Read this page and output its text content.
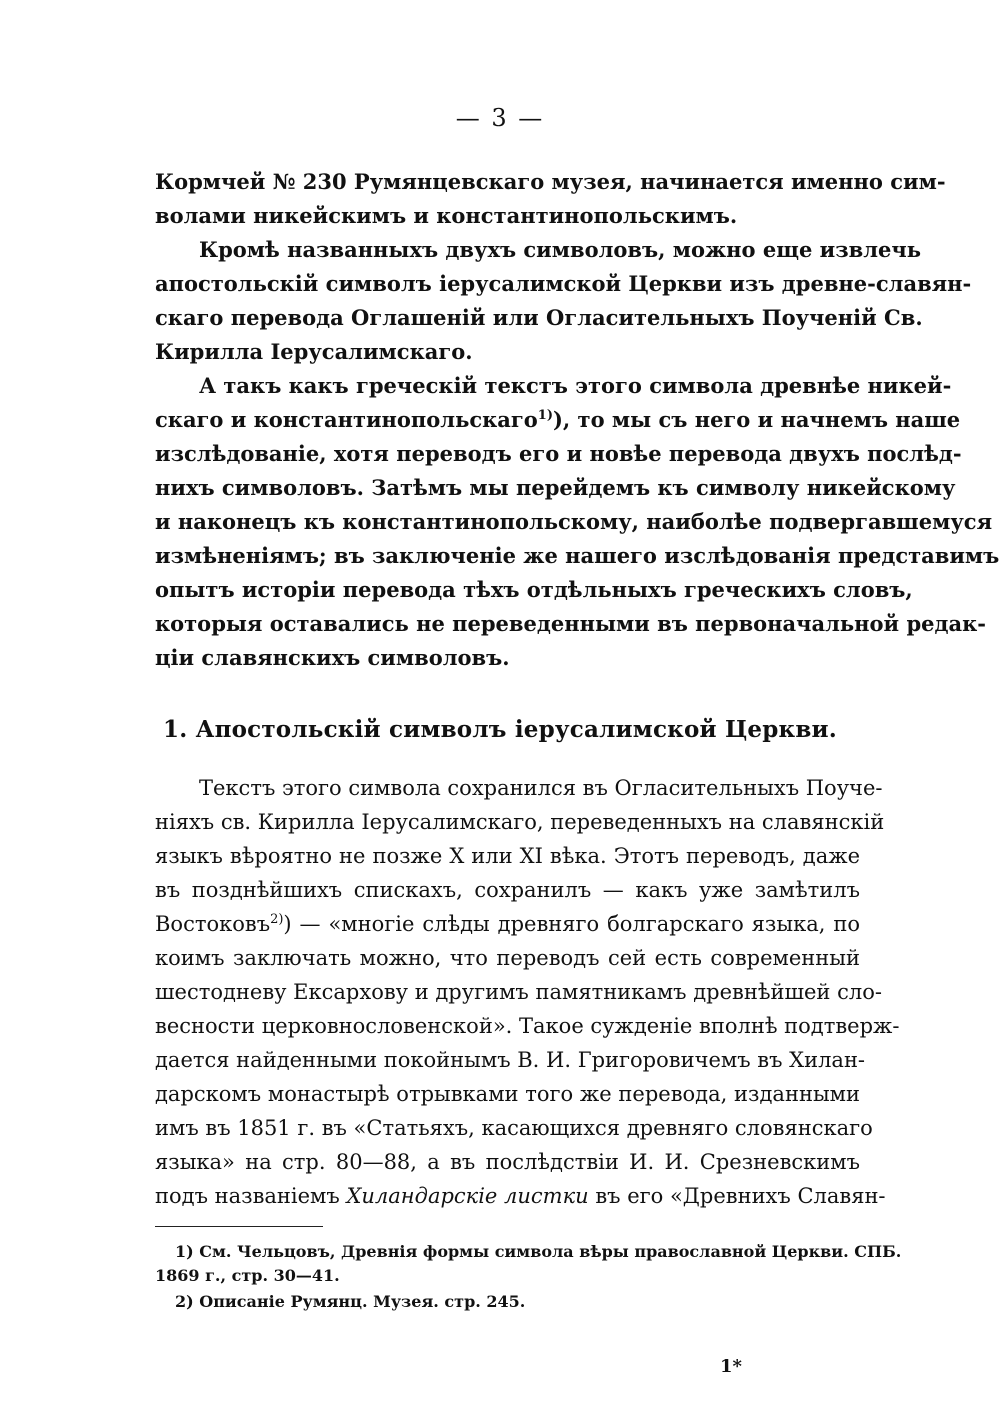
— 3 —
Кормчей № 230 Румянцевскаго музея, начинается именно сим-
волами никейскимъ и константинопольскимъ.
Кромѣ названныхъ двухъ символовъ, можно еще извлечь
апостольскій символъ іерусалимской Церкви изъ древне-славян-
скаго перевода Оглашеній или Огласительныхъ Поученій Св.
Кирилла Іерусалимскаго.
А такъ какъ греческій текстъ этого символа древнѣе никей-
скаго и константинопольскаго$^{1)}$), то мы съ него и начнемъ наше
изслѣдованіе, хотя переводъ его и новѣе перевода двухъ послѣд-
нихъ символовъ. Затѣмъ мы перейдемъ къ символу никейскому
и наконецъ къ константинопольскому, наиболѣе подвергавшемуся
измѣненіямъ; въ заключеніе же нашего изслѣдованія представимъ
опытъ исторіи перевода тѣхъ отдѣльныхъ греческихъ словъ,
которыя оставались не переведенными въ первоначальной редак-
ціи славянскихъ символовъ.
1. Апостольскій символъ іерусалимской Церкви.
Текстъ этого символа сохранился въ Огласительныхъ Поуче-
ніяхъ св. Кирилла Іерусалимскаго, переведенныхъ на славянскій
языкъ вѣроятно не позже X или XI вѣка. Этотъ переводъ, даже
въ позднѣйшихъ спискахъ, сохранилъ — какъ уже замѣтилъ
Востоковъ$^{2)}$) — «многіе слѣды древняго болгарскаго языка, по
коимъ заключать можно, что переводъ сей есть современный
шестодневу Ексархову и другимъ памятникамъ древнѣйшей сло-
весности церковнословенской». Такое сужденіе вполнѣ подтверж-
дается найденными покойнымъ В. И. Григоровичемъ въ Хилан-
дарскомъ монастырѣ отрывками того же перевода, изданными
имъ въ 1851 г. въ «Статьяхъ, касающихся древняго словянскаго
языка» на стр. 80—88, а въ послѣдствіи И. И. Срезневскимъ
подъ названіемъ Хиландарскіе листки въ его «Древнихъ Славян-
1) См. Чельцовъ, Древнія формы символа вѣры православной Церкви. СПБ.
1869 г., стр. 30—41.
2) Описаніе Румянц. Музея. стр. 245.
1*
